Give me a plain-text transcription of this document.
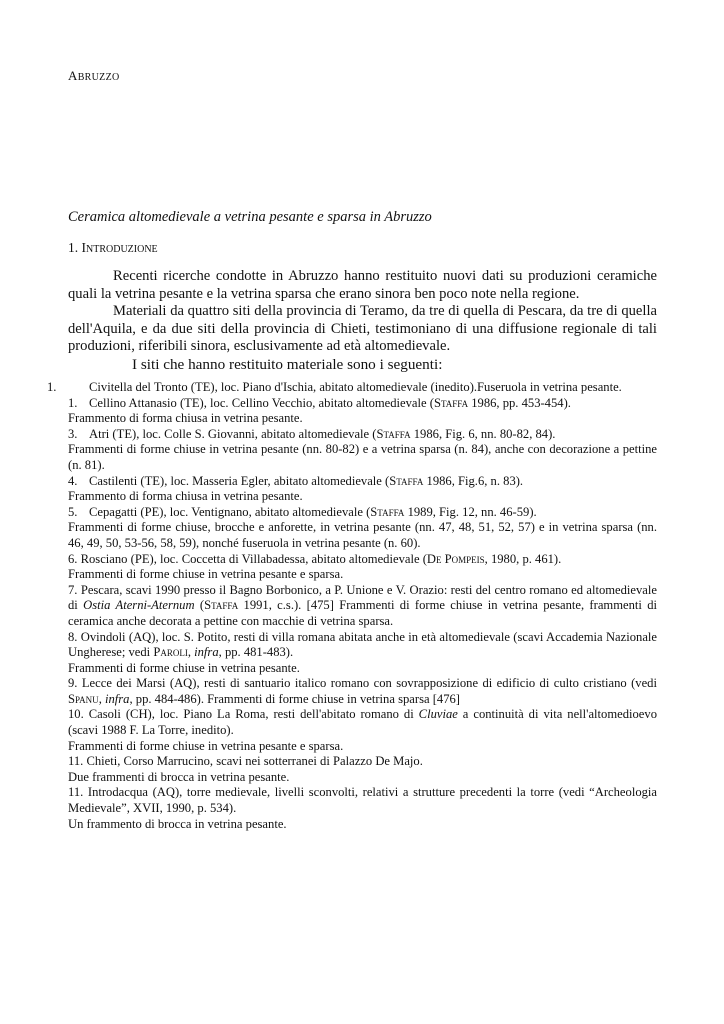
ABRUZZO
Ceramica altomedievale a vetrina pesante e sparsa in Abruzzo
1. INTRODUZIONE

Recenti ricerche condotte in Abruzzo hanno restituito nuovi dati su produzioni ceramiche quali la vetrina pesante e la vetrina sparsa che erano sinora ben poco note nella regione.

Materiali da quattro siti della provincia di Teramo, da tre di quella di Pescara, da tre di quella dell'Aquila, e da due siti della provincia di Chieti, testimoniano di una diffusione regionale di tali produzioni, riferibili sinora, esclusivamente ad età altomedievale.

I siti che hanno restituito materiale sono i seguenti:

1.	Civitella del Tronto (TE), loc. Piano d'Ischia, abitato altomedievale (inedito).Fuseruola in vetrina pesante.

1. Cellino Attanasio (TE), loc. Cellino Vecchio, abitato altomedievale (Staffa 1986, pp. 453-454).

Frammento di forma chiusa in vetrina pesante.

3. Atri (TE), loc. Colle S. Giovanni, abitato altomedievale (Staffa 1986, Fig. 6, nn. 80-82, 84).

Frammenti di forme chiuse in vetrina pesante (nn. 80-82) e a vetrina sparsa (n. 84), anche con decorazione a pettine (n. 81).

4. Castilenti (TE), loc. Masseria Egler, abitato altomedievale (Staffa 1986, Fig.6, n. 83).

Frammento di forma chiusa in vetrina pesante.

5. Cepagatti (PE), loc. Ventignano, abitato altomedievale (Staffa 1989, Fig. 12, nn. 46-59).

Frammenti di forme chiuse, brocche e anforette, in vetrina pesante (nn. 47, 48, 51, 52, 57) e in vetrina sparsa (nn. 46, 49, 50, 53-56, 58, 59), nonché fuseruola in vetrina pesante (n. 60).

6. Rosciano (PE), loc. Coccetta di Villabadessa, abitato altomedievale (De Pompeis, 1980, p. 461).

Frammenti di forme chiuse in vetrina pesante e sparsa.

7. Pescara, scavi 1990 presso il Bagno Borbonico, a P. Unione e V. Orazio: resti del centro romano ed altomedievale di Ostia Aterni-Aternum (Staffa 1991, c.s.). [475] Frammenti di forme chiuse in vetrina pesante, frammenti di ceramica anche decorata a pettine con macchie di vetrina sparsa.

8. Ovindoli (AQ), loc. S. Potito, resti di villa romana abitata anche in età altomedievale (scavi Accademia Nazionale Ungherese; vedi Paroli, infra, pp. 481-483).

Frammenti di forme chiuse in vetrina pesante.

9. Lecce dei Marsi (AQ), resti di santuario italico romano con sovrapposizione di edificio di culto cristiano (vedi Spanu, infra, pp. 484-486). Frammenti di forme chiuse in vetrina sparsa [476]

10. Casoli (CH), loc. Piano La Roma, resti dell'abitato romano di Cluviae a continuità di vita nell'altomedioevo (scavi 1988 F. La Torre, inedito).

Frammenti di forme chiuse in vetrina pesante e sparsa.

11. Chieti, Corso Marrucino, scavi nei sotterranei di Palazzo De Majo.

Due frammenti di brocca in vetrina pesante.

11. Introdacqua (AQ), torre medievale, livelli sconvolti, relativi a strutture precedenti la torre (vedi “Archeologia Medievale”, XVII, 1990, p. 534).

Un frammento di brocca in vetrina pesante.
